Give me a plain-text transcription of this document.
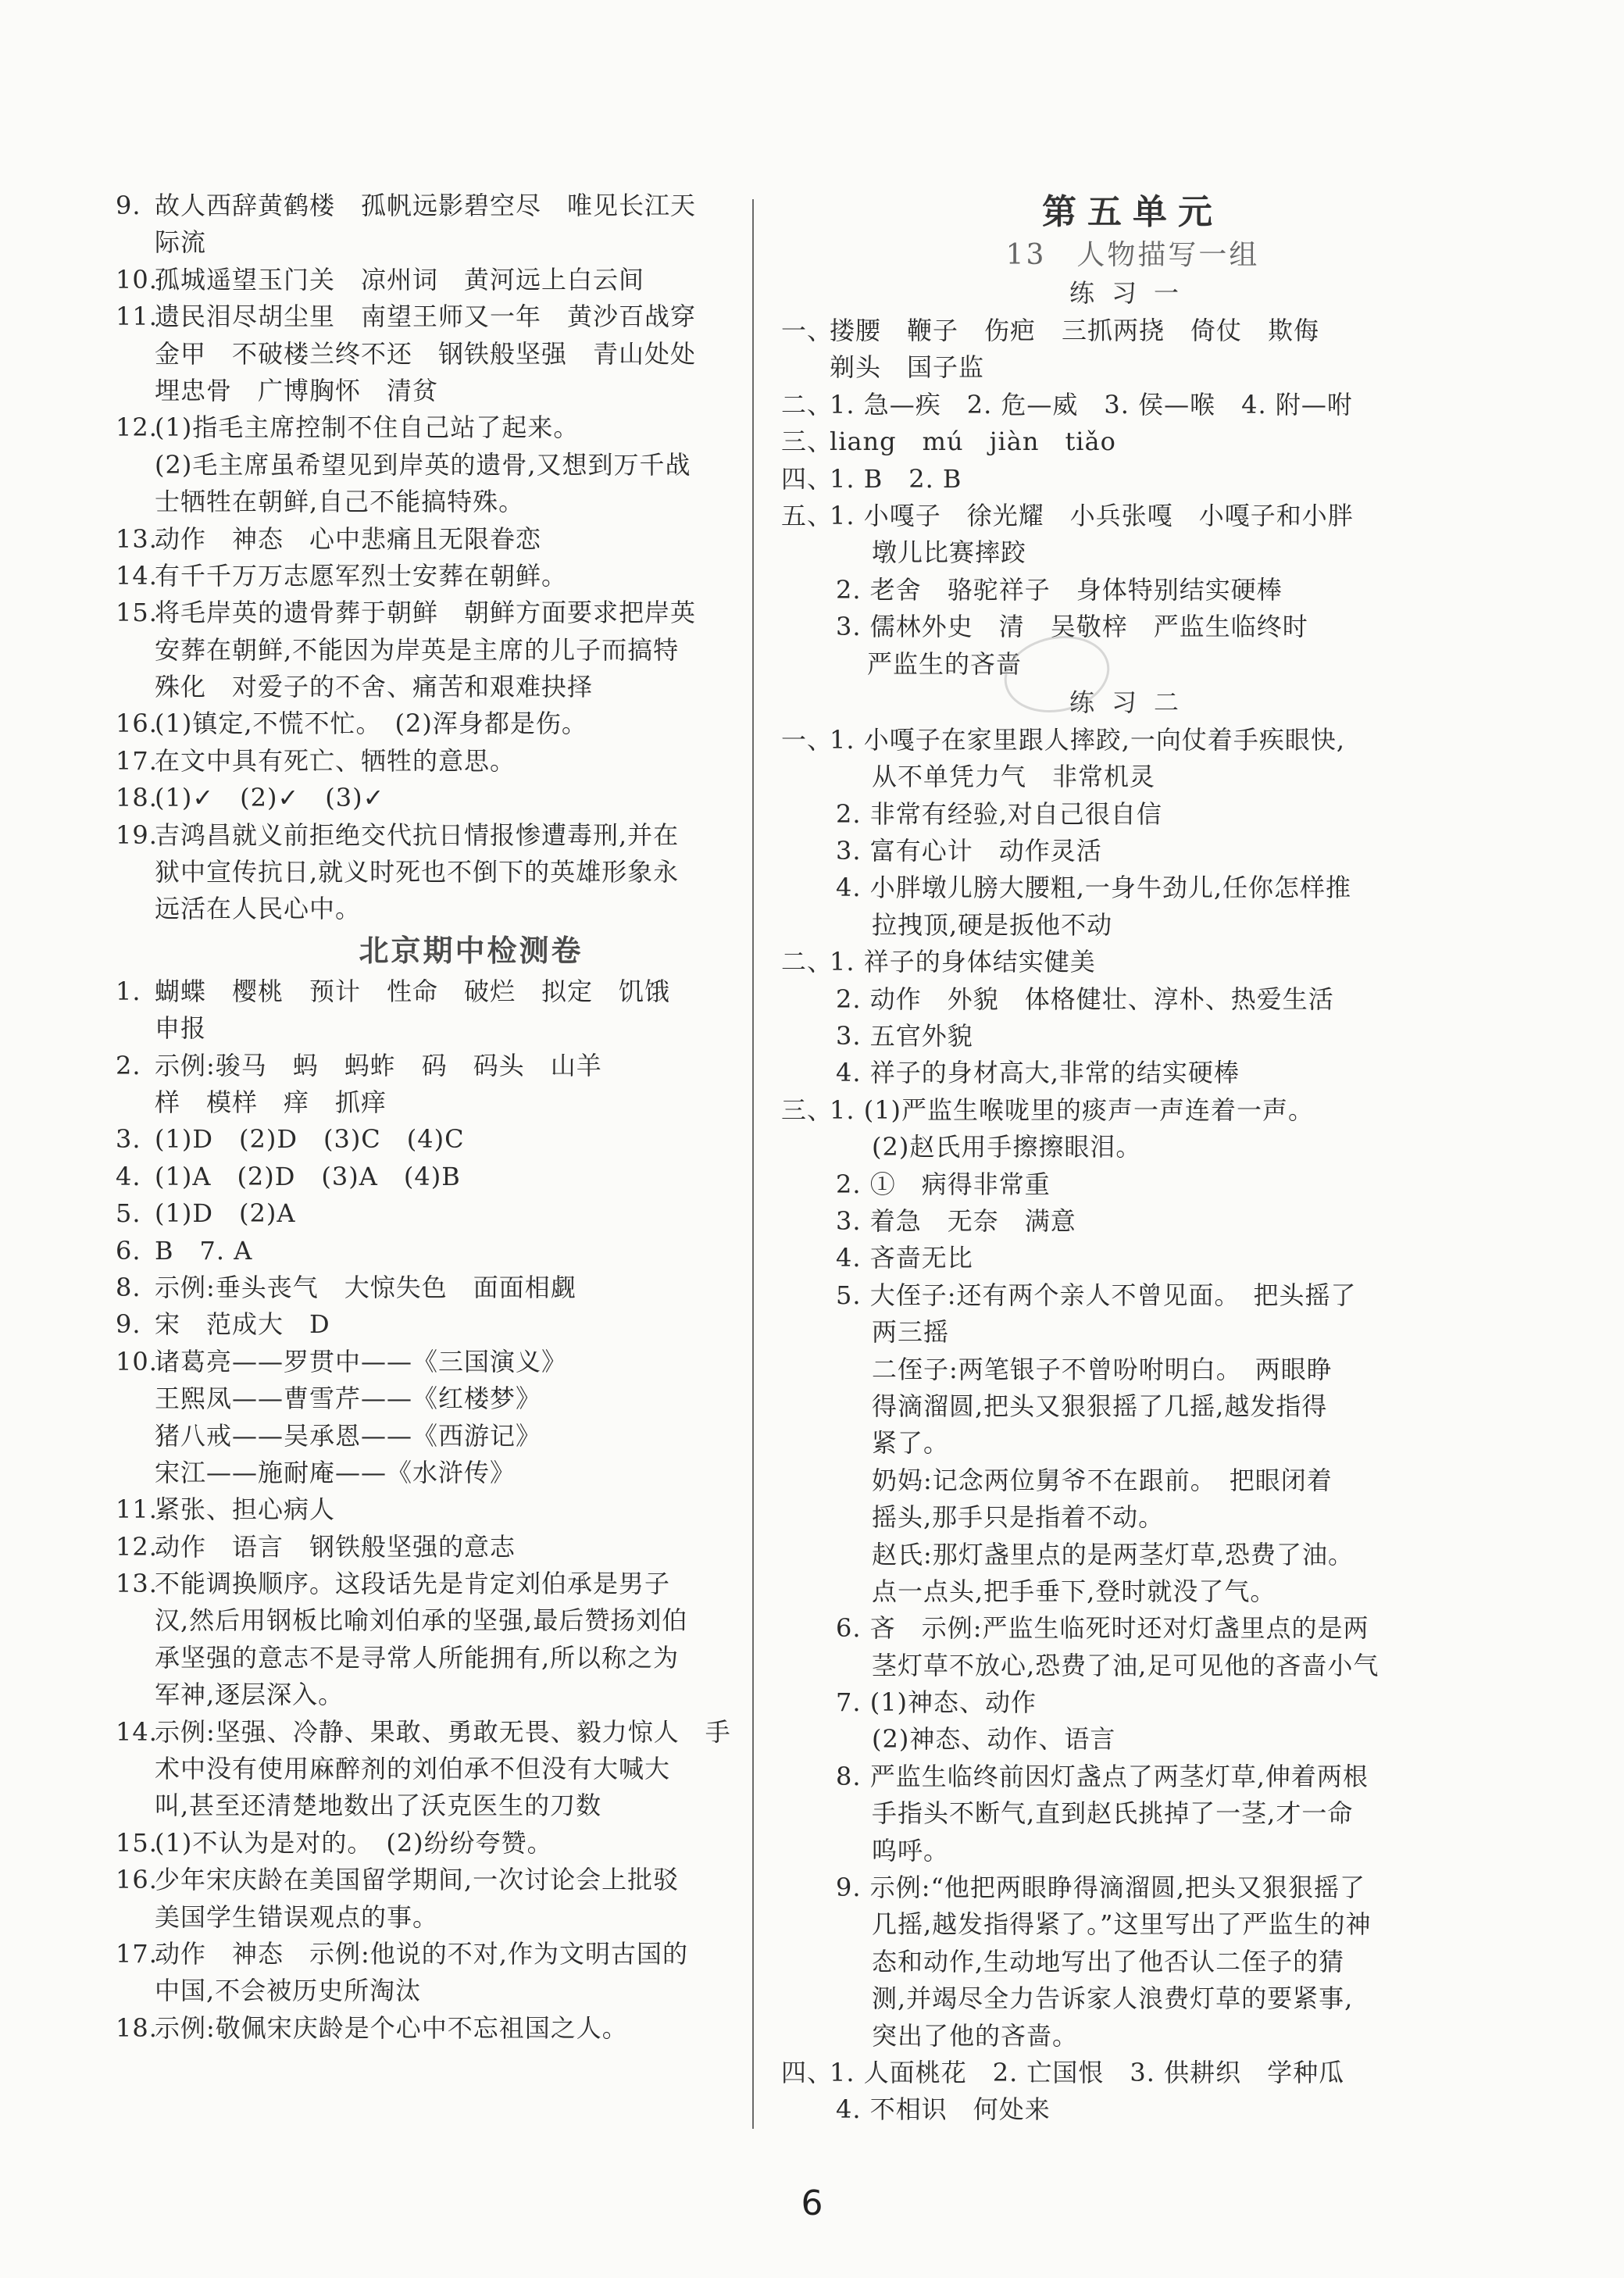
9. 故人西辞黄鹤楼　孤帆远影碧空尽　唯见长江天
际流
10.孤城遥望玉门关　凉州词　黄河远上白云间
11.遗民泪尽胡尘里　南望王师又一年　黄沙百战穿
金甲　不破楼兰终不还　钢铁般坚强　青山处处
埋忠骨　广博胸怀　清贫
12.(1)指毛主席控制不住自己站了起来。
(2)毛主席虽希望见到岸英的遗骨,又想到万千战
士牺牲在朝鲜,自己不能搞特殊。
13.动作　神态　心中悲痛且无限眷恋
14.有千千万万志愿军烈士安葬在朝鲜。
15.将毛岸英的遗骨葬于朝鲜　朝鲜方面要求把岸英
安葬在朝鲜,不能因为岸英是主席的儿子而搞特
殊化　对爱子的不舍、痛苦和艰难抉择
16.(1)镇定,不慌不忙。　(2)浑身都是伤。
17.在文中具有死亡、牺牲的意思。
18.(1)✓　(2)✓　(3)✓
19.吉鸿昌就义前拒绝交代抗日情报惨遭毒刑,并在
狱中宣传抗日,就义时死也不倒下的英雄形象永
远活在人民心中。
北京期中检测卷
1. 蝴蝶　樱桃　预计　性命　破烂　拟定　饥饿
申报
2. 示例:骏马　蚂　蚂蚱　码　码头　山羊
样　模样　痒　抓痒
3. (1)D　(2)D　(3)C　(4)C
4. (1)A　(2)D　(3)A　(4)B
5. (1)D　(2)A
6. B　7. A
8. 示例:垂头丧气　大惊失色　面面相觑
9. 宋　范成大　D
10.诸葛亮——罗贯中——《三国演义》
王熙凤——曹雪芹——《红楼梦》
猪八戒——吴承恩——《西游记》
宋江——施耐庵——《水浒传》
11.紧张、担心病人
12.动作　语言　钢铁般坚强的意志
13.不能调换顺序。这段话先是肯定刘伯承是男子
汉,然后用钢板比喻刘伯承的坚强,最后赞扬刘伯
承坚强的意志不是寻常人所能拥有,所以称之为
军神,逐层深入。
14.示例:坚强、冷静、果敢、勇敢无畏、毅力惊人　手
术中没有使用麻醉剂的刘伯承不但没有大喊大
叫,甚至还清楚地数出了沃克医生的刀数
15.(1)不认为是对的。　(2)纷纷夸赞。
16.少年宋庆龄在美国留学期间,一次讨论会上批驳
美国学生错误观点的事。
17.动作　神态　示例:他说的不对,作为文明古国的
中国,不会被历史所淘汰
18.示例:敬佩宋庆龄是个心中不忘祖国之人。
第五单元
13　人物描写一组
练习一
一、搂腰　鞭子　伤疤　三抓两挠　倚仗　欺侮
剃头　国子监
二、1. 急—疾　2. 危—威　3. 侯—喉　4. 附—咐
三、liang　mú　jiàn　tiǎo
四、1. B　2. B
五、1. 小嘎子　徐光耀　小兵张嘎　小嘎子和小胖
墩儿比赛摔跤
2. 老舍　骆驼祥子　身体特别结实硬棒
3. 儒林外史　清　吴敬梓　严监生临终时
严监生的吝啬
练习二
一、1. 小嘎子在家里跟人摔跤,一向仗着手疾眼快,
从不单凭力气　非常机灵
2. 非常有经验,对自己很自信
3. 富有心计　动作灵活
4. 小胖墩儿膀大腰粗,一身牛劲儿,任你怎样推
拉拽顶,硬是扳他不动
二、1. 祥子的身体结实健美
2. 动作　外貌　体格健壮、淳朴、热爱生活
3. 五官外貌
4. 祥子的身材高大,非常的结实硬棒
三、1. (1)严监生喉咙里的痰声一声连着一声。
(2)赵氏用手擦擦眼泪。
2. ①　病得非常重
3. 着急　无奈　满意
4. 吝啬无比
5. 大侄子:还有两个亲人不曾见面。　把头摇了
两三摇
二侄子:两笔银子不曾吩咐明白。　两眼睁
得滴溜圆,把头又狠狠摇了几摇,越发指得
紧了。
奶妈:记念两位舅爷不在跟前。　把眼闭着
摇头,那手只是指着不动。
赵氏:那灯盏里点的是两茎灯草,恐费了油。
点一点头,把手垂下,登时就没了气。
6. 吝　示例:严监生临死时还对灯盏里点的是两
茎灯草不放心,恐费了油,足可见他的吝啬小气
7. (1)神态、动作
(2)神态、动作、语言
8. 严监生临终前因灯盏点了两茎灯草,伸着两根
手指头不断气,直到赵氏挑掉了一茎,才一命
呜呼。
9. 示例:“他把两眼睁得滴溜圆,把头又狠狠摇了
几摇,越发指得紧了。”这里写出了严监生的神
态和动作,生动地写出了他否认二侄子的猜
测,并竭尽全力告诉家人浪费灯草的要紧事,
突出了他的吝啬。
四、1. 人面桃花　2. 亡国恨　3. 供耕织　学种瓜
4. 不相识　何处来
6
